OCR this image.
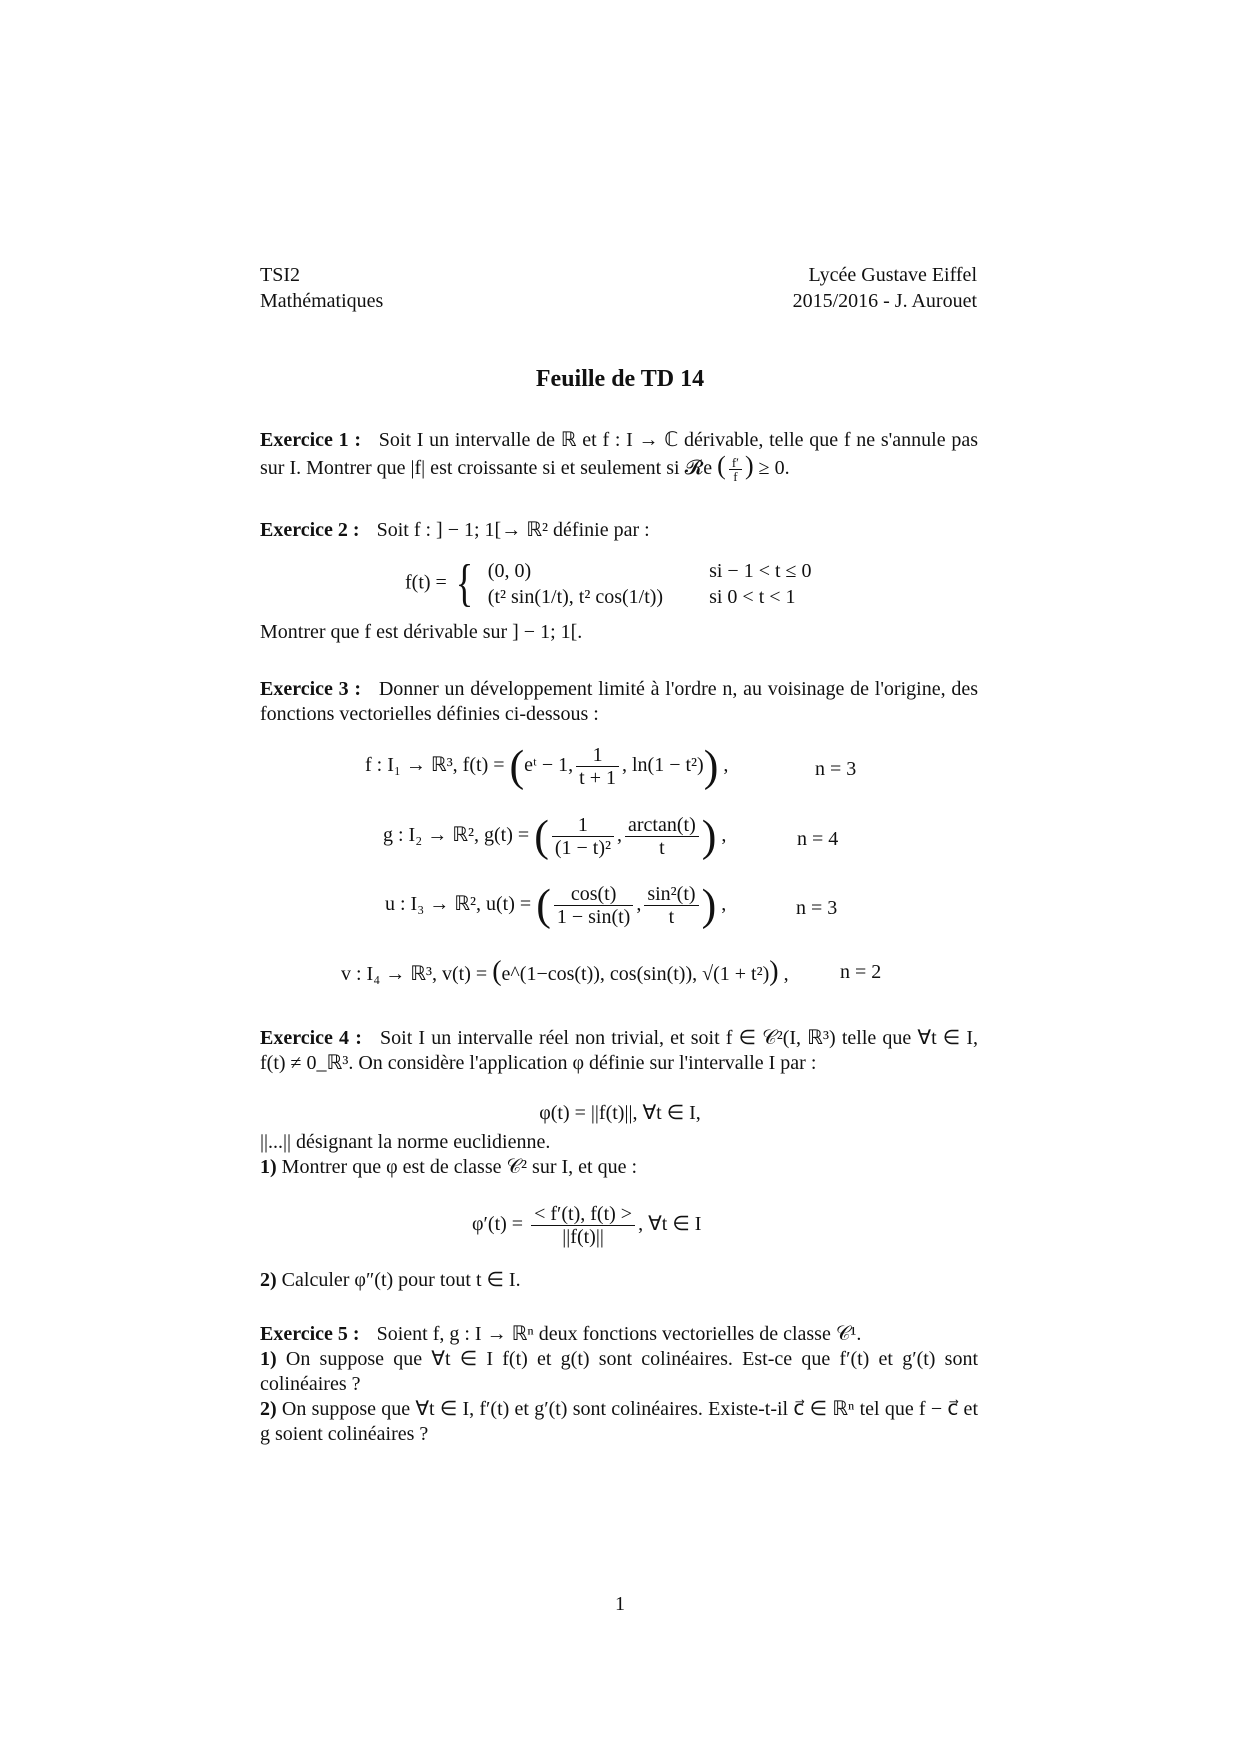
TSI2
Mathématiques
Lycée Gustave Eiffel
2015/2016 - J. Aurouet
Feuille de TD 14
Exercice 1 : Soit I un intervalle de ℝ et f : I → ℂ dérivable, telle que f ne s'annule pas sur I. Montrer que |f| est croissante si et seulement si 𝓡e ( $\frac{f'}{f}$ ) ≥ 0.
Exercice 2 : Soit f : ] − 1; 1[→ ℝ² définie par :
f(t) = { (0, 0)	si − 1 < t ≤ 0
(t² sin(1/t), t² cos(1/t))	si 0 < t < 1
Montrer que f est dérivable sur ] − 1; 1[.
Exercice 3 : Donner un développement limité à l'ordre n, au voisinage de l'origine, des fonctions vectorielles définies ci-dessous :
f : I₁ → ℝ³, f(t) = (eᵗ − 1, $\frac{1}{t + 1}$ , ln(1 − t²)) ,	n = 3
g : I₂ → ℝ², g(t) = ( $\frac{1}{\text{(1 − t)²}}$ , $\frac{\arctan(t)}{t}$ ) ,	n = 4
u : I₃ → ℝ², u(t) = ( $\frac{\cos(t)}{1 - \sin(t)}$ , $\frac{\text{sin²(t)}}{t}$ ) ,	n = 3
v : I₄ → ℝ³, v(t) = (e^(1−cos(t)), cos(sin(t)), √(1 + t²)) ,	n = 2
Exercice 4 : Soit I un intervalle réel non trivial, et soit f ∈ 𝒞²(I, ℝ³) telle que ∀t ∈ I, f(t) ≠ 0_ℝ³. On considère l'application φ définie sur l'intervalle I par :
φ(t) = ||f(t)||, ∀t ∈ I,
||...|| désignant la norme euclidienne.
1) Montrer que φ est de classe 𝒞² sur I, et que :
$\varphi'(t) = \frac{< f'(t), f(t) >}{||f(t)||}$ , ∀t ∈ I
2) Calculer φ″(t) pour tout t ∈ I.
Exercice 5 : Soient f, g : I → ℝⁿ deux fonctions vectorielles de classe 𝒞¹.
1) On suppose que ∀t ∈ I f(t) et g(t) sont colinéaires. Est-ce que f′(t) et g′(t) sont colinéaires ?
2) On suppose que ∀t ∈ I, f′(t) et g′(t) sont colinéaires. Existe-t-il c⃗ ∈ ℝⁿ tel que f − c⃗ et g soient colinéaires ?
1
